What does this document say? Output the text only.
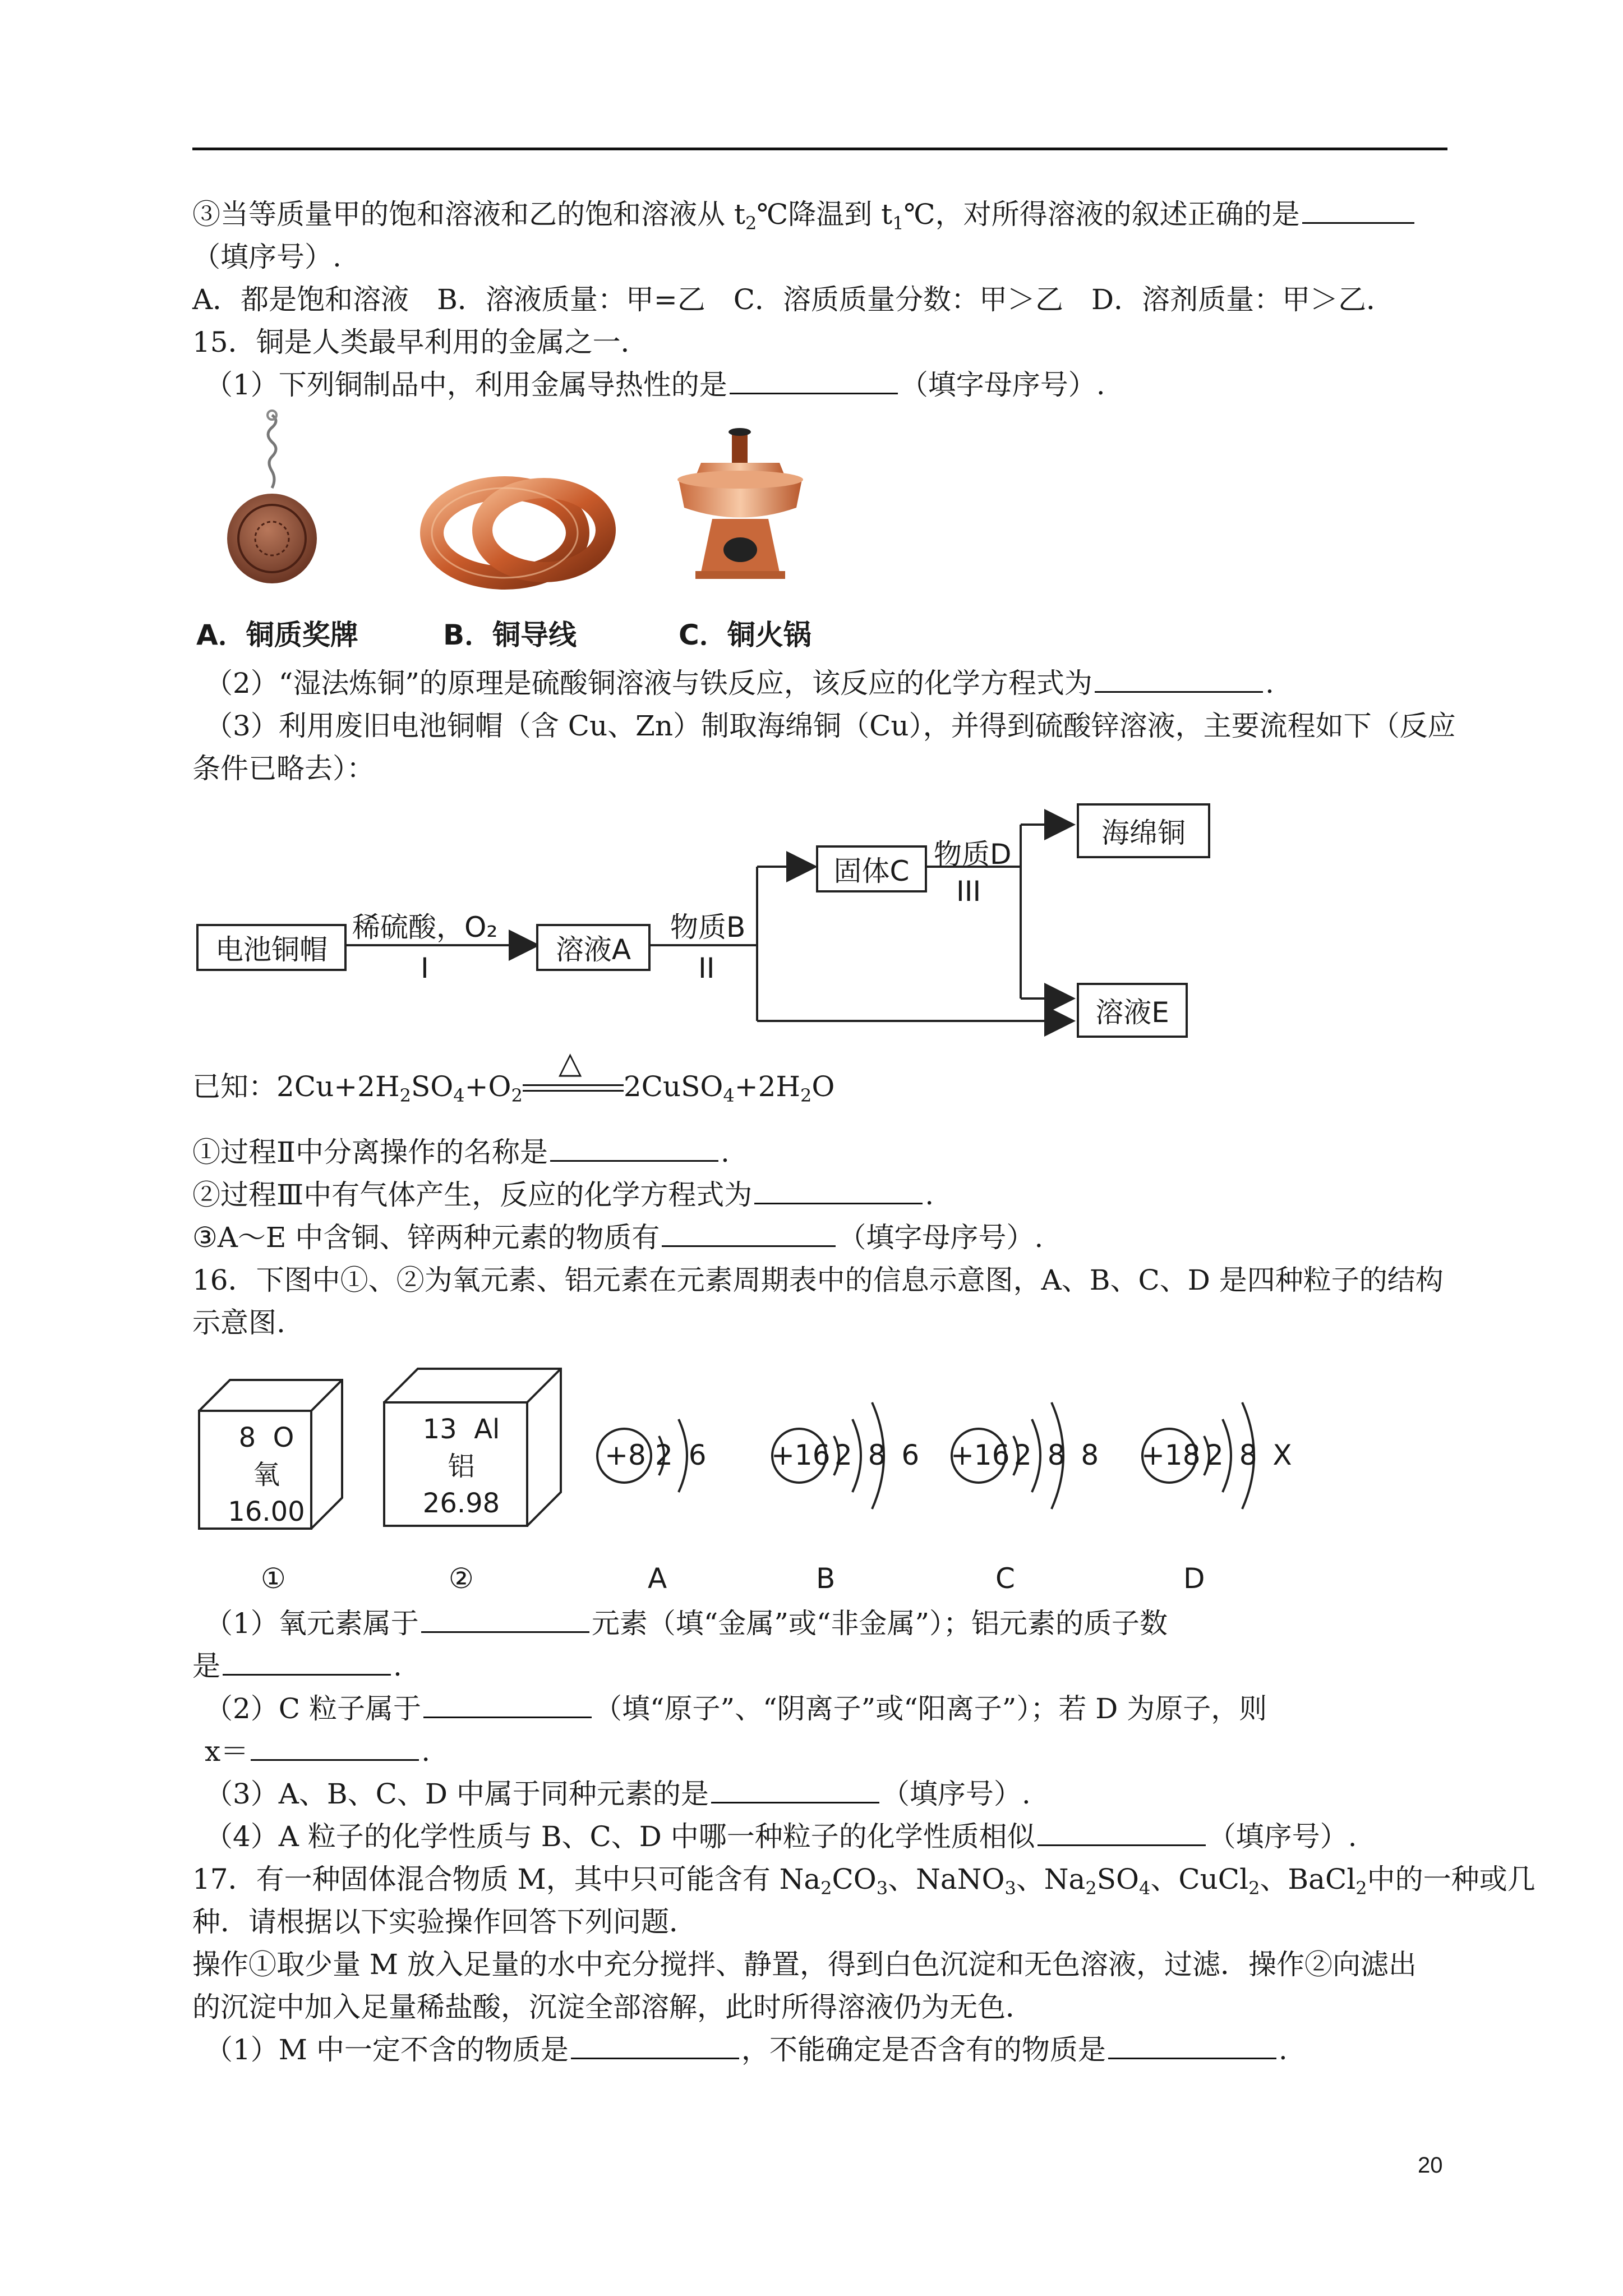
③当等质量甲的饱和溶液和乙的饱和溶液从 $t_2℃$降温到 $t_1℃$，对所得溶液的叙述正确的是
（填序号）.
A．都是饱和溶液　B．溶液质量：甲=乙　C．溶质质量分数：甲＞乙　D．溶剂质量：甲＞乙．
15．铜是人类最早利用的金属之一．
（1）下列铜制品中，利用金属导热性的是	（填字母序号）.
A．铜质奖牌	B．铜导线	C．铜火锅
（2）“湿法炼铜”的原理是硫酸铜溶液与铁反应，该反应的化学方程式为	.
（3）利用废旧电池铜帽（含 Cu、Zn）制取海绵铜（Cu），并得到硫酸锌溶液，主要流程如下（反应
条件已略去）：
电池铜帽
稀硫酸，O₂
I
溶液A
物质B
II
固体C
物质D
III
海绵铜
溶液E
已知：$2Cu+2H_2SO_4+O_2$
△
$2CuSO_4+2H_2O$
①过程Ⅱ中分离操作的名称是	.
②过程Ⅲ中有气体产生，反应的化学方程式为	.
③A～E 中含铜、锌两种元素的物质有	（填字母序号）.
16．下图中①、②为氧元素、铝元素在元素周期表中的信息示意图，A、B、C、D 是四种粒子的结构
示意图.
8 O
氧
16.00
13 Al
铝
26.98
①	②
+8 2 6 +16 2 8 6 +16 2 8 8 +18 2 8 X
A	B	C	D
（1）氧元素属于	元素（填“金属”或“非金属”）；铝元素的质子数
是	.
（2）C 粒子属于	（填“原子”、“阴离子”或“阳离子”）；若 D 为原子，则
x＝	.
（3）A、B、C、D 中属于同种元素的是	（填序号）.
（4）A 粒子的化学性质与 B、C、D 中哪一种粒子的化学性质相似	（填序号）.
17．有一种固体混合物质 M，其中只可能含有 $Na_2CO_3$、NaNO$_3$、$Na_2SO_4$、CuCl$_2$、BaCl$_2$中的一种或几
种．请根据以下实验操作回答下列问题．
操作①取少量 M 放入足量的水中充分搅拌、静置，得到白色沉淀和无色溶液，过滤．操作②向滤出
的沉淀中加入足量稀盐酸，沉淀全部溶解，此时所得溶液仍为无色．
（1）M 中一定不含的物质是	，不能确定是否含有的物质是	.
20
